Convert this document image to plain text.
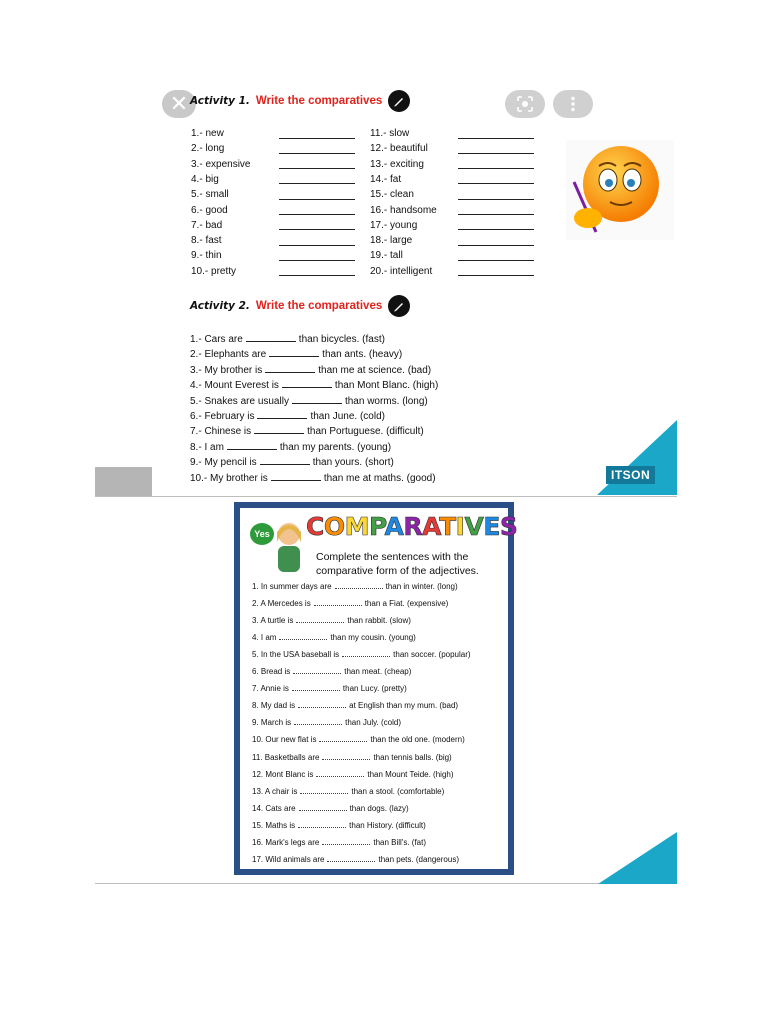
✕ Activity 1. Write the comparatives
1.- new
2.- long
3.- expensive
4.- big
5.- small
6.- good
7.- bad
8.- fast
9.- thin
10.- pretty
11.- slow
12.- beautiful
13.- exciting
14.- fat
15.- clean
16.- handsome
17.- young
18.- large
19.- tall
20.- intelligent
Activity 2. Write the comparatives
1.- Cars are	than bicycles. (fast)
2.- Elephants are	than ants. (heavy)
3.- My brother is	than me at science. (bad)
4.- Mount Everest is	than Mont Blanc. (high)
5.- Snakes are usually	than worms. (long)
6.- February is	than June. (cold)
7.- Chinese is	than Portuguese. (difficult)
8.- I am	than my parents. (young)
9.- My pencil is	than yours. (short)
10.- My brother is	than me at maths. (good)	ITSON
Yes COMPARATIVES
Complete the sentences with the comparative form of the adjectives.
1. In summer days are	than in winter. (long)
2. A Mercedes is	than a Fiat. (expensive)
3. A turtle is	than rabbit. (slow)
4. I am	than my cousin. (young)
5. In the USA baseball is	than soccer. (popular)
6. Bread is	than meat. (cheap)
7. Annie is	than Lucy. (pretty)
8. My dad is	at English than my mum. (bad)
9. March is	than July. (cold)
10. Our new flat is	than the old one. (modern)
11. Basketballs are	than tennis balls. (big)
12. Mont Blanc is	than Mount Teide. (high)
13. A chair is	than a stool. (comfortable)
14. Cats are	than dogs. (lazy)
15. Maths is	than History. (difficult)
16. Mark's legs are	than Bill's. (fat)
17. Wild animals are	than pets. (dangerous)
